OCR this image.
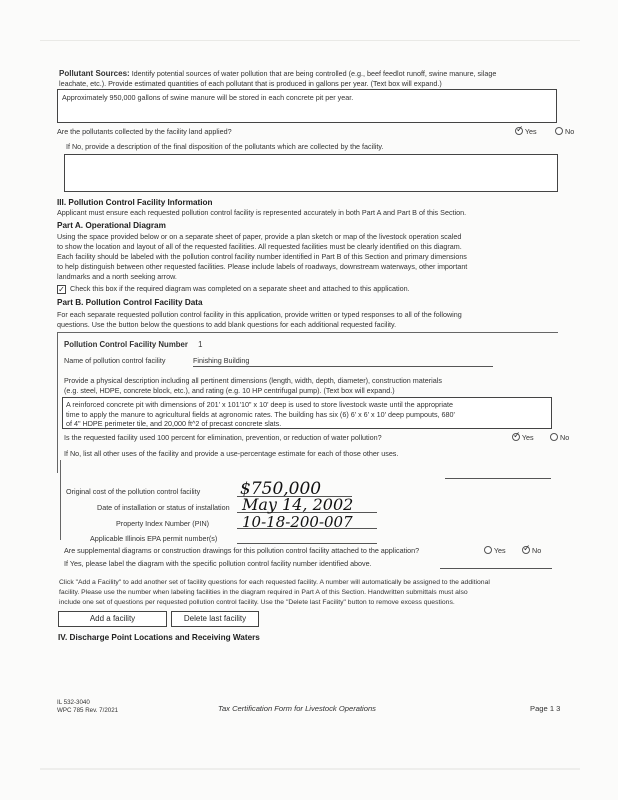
Pollutant Sources: Identify potential sources of water pollution that are being controlled (e.g., beef feedlot runoff, swine manure, silage
leachate, etc.). Provide estimated quantities of each pollutant that is produced in gallons per year. (Text box will expand.)
Approximately 950,000 gallons of swine manure will be stored in each concrete pit per year.
Are the pollutants collected by the facility land applied?	✓ Yes	No
If No, provide a description of the final disposition of the pollutants which are collected by the facility.
III. Pollution Control Facility Information
Applicant must ensure each requested pollution control facility is represented accurately in both Part A and Part B of this Section.
Part A. Operational Diagram
Using the space provided below or on a separate sheet of paper, provide a plan sketch or map of the livestock operation scaled
to show the location and layout of all of the requested facilities. All requested facilities must be clearly identified on this diagram.
Each facility should be labeled with the pollution control facility number identified in Part B of this Section and primary dimensions
to help distinguish between other requested facilities. Please include labels of roadways, downstream waterways, other important
landmarks and a north seeking arrow.
✓ Check this box if the required diagram was completed on a separate sheet and attached to this application.
Part B. Pollution Control Facility Data
For each separate requested pollution control facility in this application, provide written or typed responses to all of the following
questions. Use the button below the questions to add blank questions for each additional requested facility.
Pollution Control Facility Number 1
Name of pollution control facility	Finishing Building
Provide a physical description including all pertinent dimensions (length, width, depth, diameter), construction materials
(e.g. steel, HDPE, concrete block, etc.), and rating (e.g. 10 HP centrifugal pump). (Text box will expand.)
A reinforced concrete pit with dimensions of 201' x 101'10" x 10' deep is used to store livestock waste until the appropriate
time to apply the manure to agricultural fields at agronomic rates. The building has six (6) 6' x 6' x 10' deep pumpouts, 680'
of 4" HDPE perimeter tile, and 20,000 ft^2 of precast concrete slats.
Is the requested facility used 100 percent for elimination, prevention, or reduction of water pollution?	✓ Yes	No
If No, list all other uses of the facility and provide a use-percentage estimate for each of those other uses.
Original cost of the pollution control facility $750,000
Date of installation or status of installation May 14, 2002
Property Index Number (PIN) 10-18-200-007
Applicable Illinois EPA permit number(s)
Are supplemental diagrams or construction drawings for this pollution control facility attached to the application?	Yes ✓ No
If Yes, please label the diagram with the specific pollution control facility number identified above.
Click "Add a Facility" to add another set of facility questions for each requested facility. A number will automatically be assigned to the additional
facility. Please use the number when labeling facilities in the diagram required in Part A of this Section. Handwritten submittals must also
include one set of questions per requested pollution control facility. Use the "Delete last Facility" button to remove excess questions.
Add a facility	Delete last facility
IV. Discharge Point Locations and Receiving Waters
IL 532-3040
WPC 785 Rev. 7/2021	Tax Certification Form for Livestock Operations	Page 1 3
